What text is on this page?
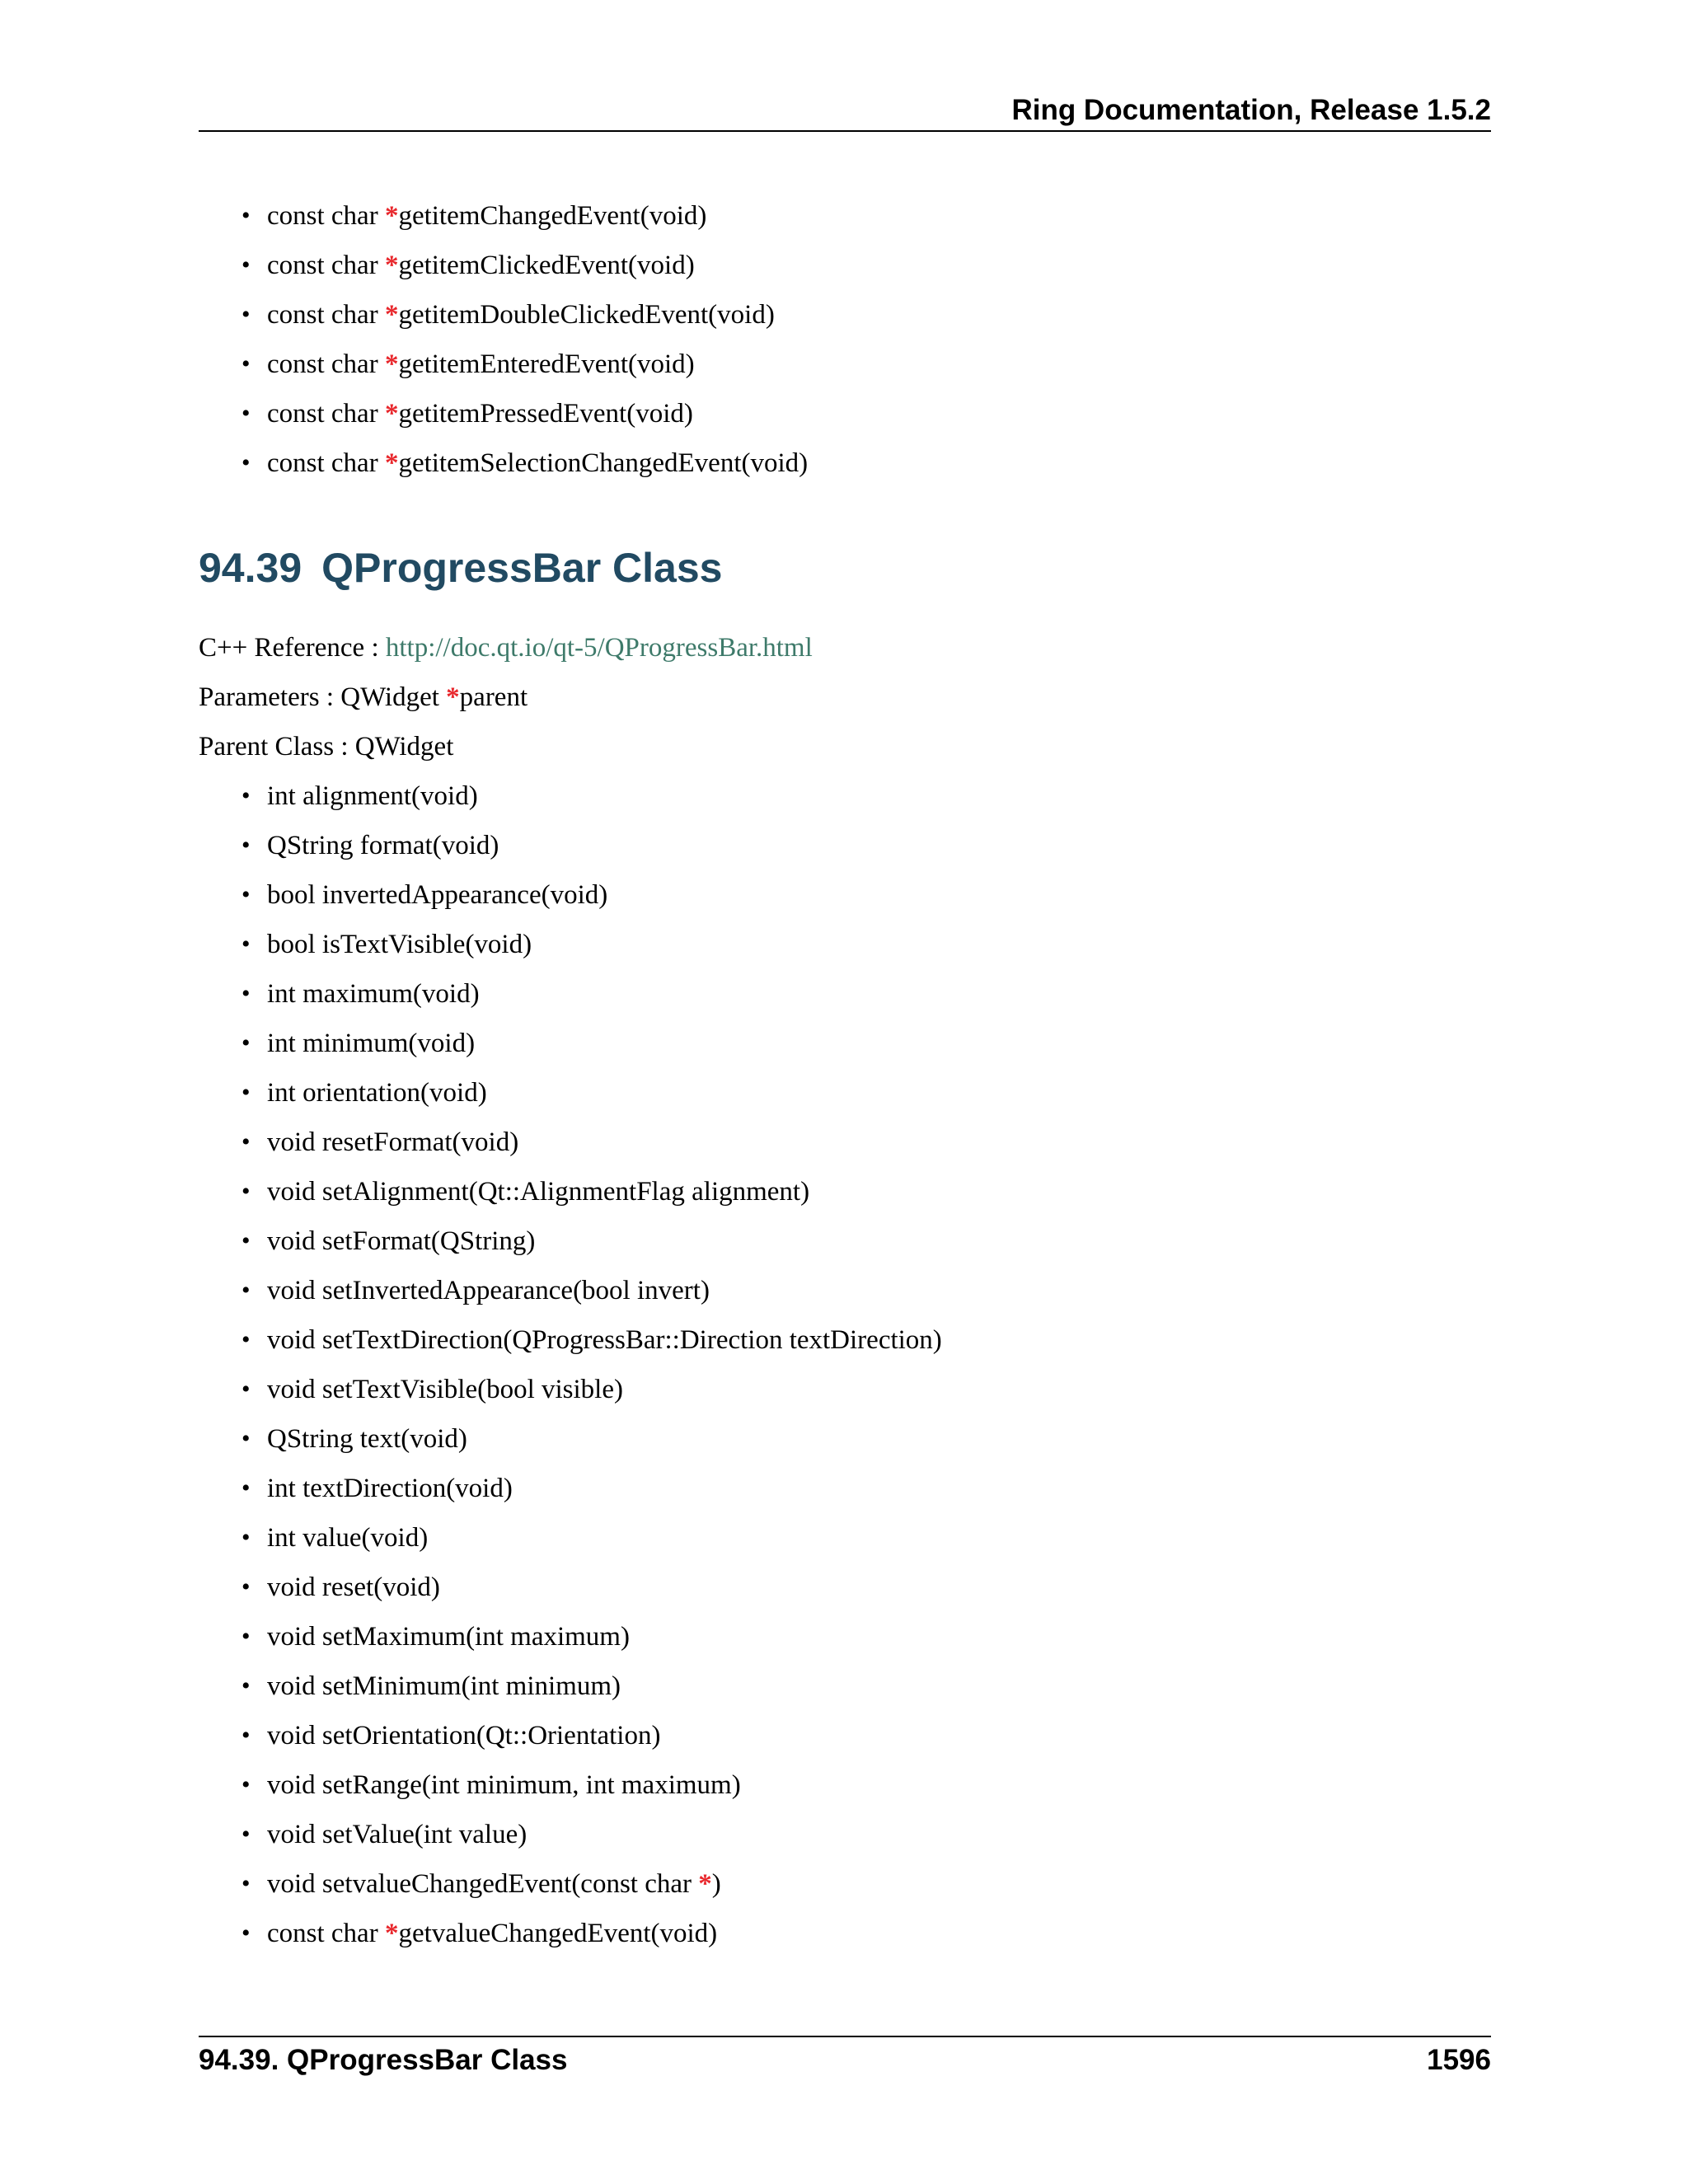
Ring Documentation, Release 1.5.2
• const char *getitemChangedEvent(void)
• const char *getitemClickedEvent(void)
• const char *getitemDoubleClickedEvent(void)
• const char *getitemEnteredEvent(void)
• const char *getitemPressedEvent(void)
• const char *getitemSelectionChangedEvent(void)
94.39 QProgressBar Class
C++ Reference : http://doc.qt.io/qt-5/QProgressBar.html
Parameters : QWidget *parent
Parent Class : QWidget
• int alignment(void)
• QString format(void)
• bool invertedAppearance(void)
• bool isTextVisible(void)
• int maximum(void)
• int minimum(void)
• int orientation(void)
• void resetFormat(void)
• void setAlignment(Qt::AlignmentFlag alignment)
• void setFormat(QString)
• void setInvertedAppearance(bool invert)
• void setTextDirection(QProgressBar::Direction textDirection)
• void setTextVisible(bool visible)
• QString text(void)
• int textDirection(void)
• int value(void)
• void reset(void)
• void setMaximum(int maximum)
• void setMinimum(int minimum)
• void setOrientation(Qt::Orientation)
• void setRange(int minimum, int maximum)
• void setValue(int value)
• void setvalueChangedEvent(const char *)
• const char *getvalueChangedEvent(void)
94.39. QProgressBar Class	1596
